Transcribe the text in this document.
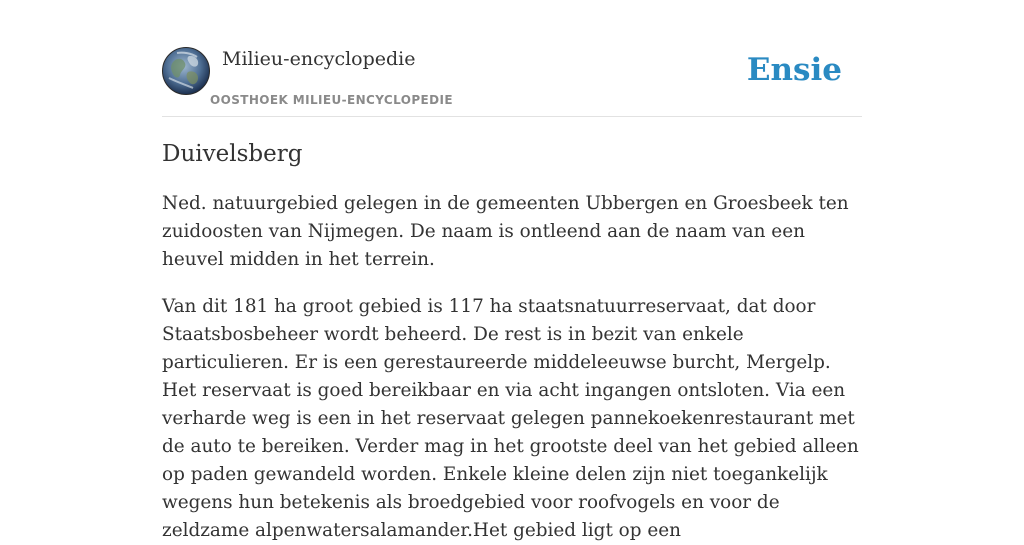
Milieu-encyclopedie
OOSTHOEK MILIEU-ENCYCLOPEDIE
Ensie
Duivelsberg

Ned. natuurgebied gelegen in de gemeenten Ubbergen en Groesbeek ten zuidoosten van Nijmegen. De naam is ontleend aan de naam van een heuvel midden in het terrein.

Van dit 181 ha groot gebied is 117 ha staatsnatuurreservaat, dat door Staatsbosbeheer wordt beheerd. De rest is in bezit van enkele particulieren. Er is een gerestaureerde middeleeuwse burcht, Mergelp. Het reservaat is goed bereikbaar en via acht ingangen ontsloten. Via een verharde weg is een in het reservaat gelegen pannekoekenrestaurant met de auto te bereiken. Verder mag in het grootste deel van het gebied alleen op paden gewandeld worden. Enkele kleine delen zijn niet toegankelijk wegens hun betekenis als broedgebied voor roofvogels en voor de zeldzame alpenwatersalamander.Het gebied ligt op een
